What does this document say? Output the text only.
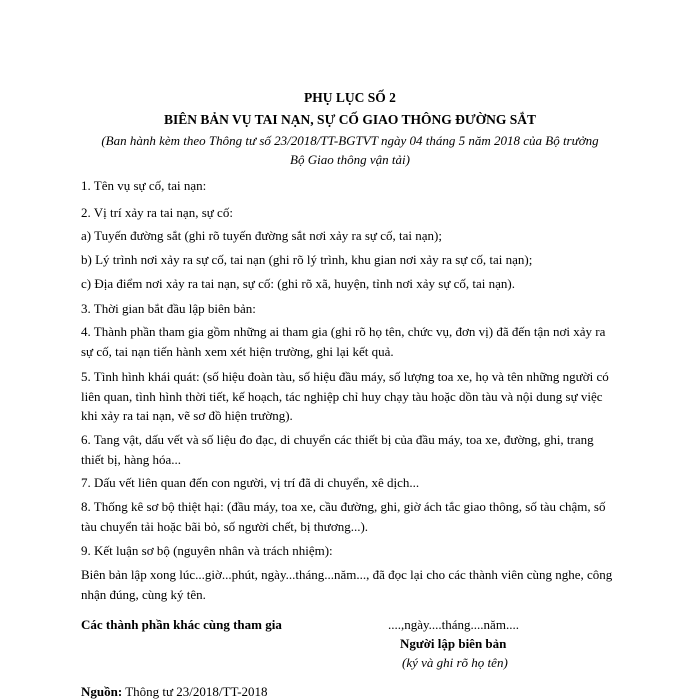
PHỤ LỤC SỐ 2
BIÊN BẢN VỤ TAI NẠN, SỰ CỐ GIAO THÔNG ĐƯỜNG SẮT
(Ban hành kèm theo Thông tư số 23/2018/TT-BGTVT ngày 04 tháng 5 năm 2018 của Bộ trưởng
Bộ Giao thông vận tải)
1. Tên vụ sự cố, tai nạn:
2. Vị trí xảy ra tai nạn, sự cố:
a) Tuyến đường sắt (ghi rõ tuyến đường sắt nơi xảy ra sự cố, tai nạn);
b) Lý trình nơi xảy ra sự cố, tai nạn (ghi rõ lý trình, khu gian nơi xảy ra sự cố, tai nạn);
c) Địa điểm nơi xảy ra tai nạn, sự cố: (ghi rõ xã, huyện, tỉnh nơi xảy sự cố, tai nạn).
3. Thời gian bắt đầu lập biên bản:
4. Thành phần tham gia gồm những ai tham gia (ghi rõ họ tên, chức vụ, đơn vị) đã đến tận nơi xảy ra sự cố, tai nạn tiến hành xem xét hiện trường, ghi lại kết quả.
5. Tình hình khái quát: (số hiệu đoàn tàu, số hiệu đầu máy, số lượng toa xe, họ và tên những người có liên quan, tình hình thời tiết, kế hoạch, tác nghiệp chỉ huy chạy tàu hoặc dồn tàu và nội dung sự việc khi xảy ra tai nạn, vẽ sơ đồ hiện trường).
6. Tang vật, dấu vết và số liệu đo đạc, di chuyển các thiết bị của đầu máy, toa xe, đường, ghi, trang thiết bị, hàng hóa...
7. Dấu vết liên quan đến con người, vị trí đã di chuyển, xê dịch...
8. Thống kê sơ bộ thiệt hại: (đầu máy, toa xe, cầu đường, ghi, giờ ách tắc giao thông, số tàu chậm, số tàu chuyển tải hoặc bãi bỏ, số người chết, bị thương...).
9. Kết luận sơ bộ (nguyên nhân và trách nhiệm):
Biên bản lập xong lúc...giờ...phút, ngày...tháng...năm..., đã đọc lại cho các thành viên cùng nghe, công nhận đúng, cùng ký tên.
Các thành phần khác cùng tham gia	....,ngày....tháng....năm....
Người lập biên bản
(ký và ghi rõ họ tên)
Nguồn: Thông tư 23/2018/TT-2018
